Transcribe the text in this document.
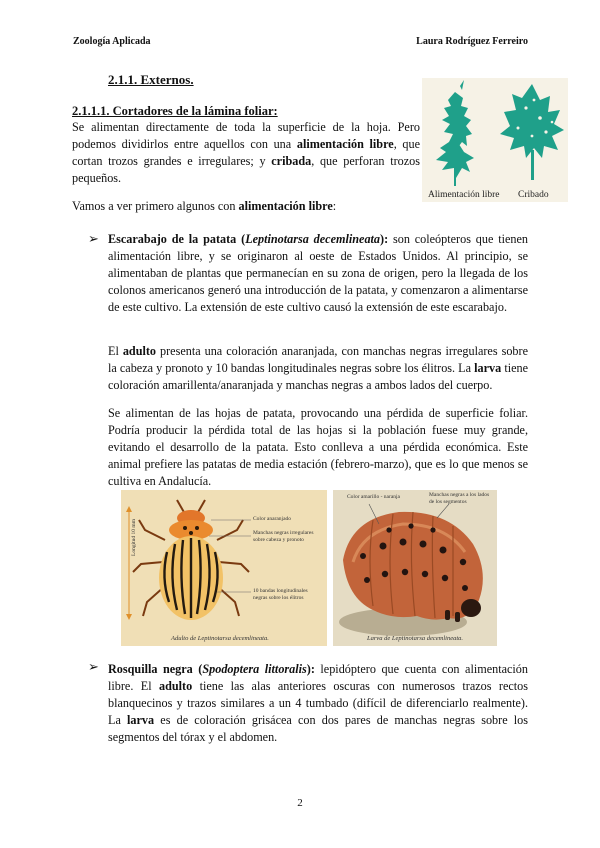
Zoología Aplicada	Laura Rodríguez Ferreiro
2.1.1. Externos.
2.1.1.1. Cortadores de la lámina foliar:
Se alimentan directamente de toda la superficie de la hoja. Pero podemos dividirlos entre aquellos con una alimentación libre, que cortan trozos grandes e irregulares; y cribada, que perforan trozos pequeños.
Alimentación libre Cribado
Vamos a ver primero algunos con alimentación libre:
➢ Escarabajo de la patata (Leptinotarsa decemlineata): son coleópteros que tienen alimentación libre, y se originaron al oeste de Estados Unidos. Al principio, se alimentaban de plantas que permanecían en su zona de origen, pero la llegada de los colonos americanos generó una introducción de la patata, y comenzaron a alimentarse de este cultivo. La extensión de este cultivo causó la extensión de este escarabajo.
El adulto presenta una coloración anaranjada, con manchas negras irregulares sobre la cabeza y pronoto y 10 bandas longitudinales negras sobre los élitros. La larva tiene coloración amarillenta/anaranjada y manchas negras a ambos lados del cuerpo.
Se alimentan de las hojas de patata, provocando una pérdida de superficie foliar. Podría producir la pérdida total de las hojas si la población fuese muy grande, evitando el desarrollo de la patata. Esto conlleva a una pérdida económica. Este animal prefiere las patatas de media estación (febrero-marzo), que es lo que menos se cultiva en Andalucía.
Longitud 10 mm
Color anaranjado
Manchas negras irregulares sobre cabeza y pronoto
10 bandas longitudinales negras sobre los élitros
Adulto de Leptinotarsa decemlineata.
Color amarillo - naranja	Manchas negras a los lados de los segmentos
Larva de Leptinotarsa decemlineata.
➢ Rosquilla negra (Spodoptera littoralis): lepidóptero que cuenta con alimentación libre. El adulto tiene las alas anteriores oscuras con numerosos trazos rectos blanquecinos y trazos similares a un 4 tumbado (difícil de diferenciarlo realmente). La larva es de coloración grisácea con dos pares de manchas negras sobre los segmentos del tórax y el abdomen.
2
